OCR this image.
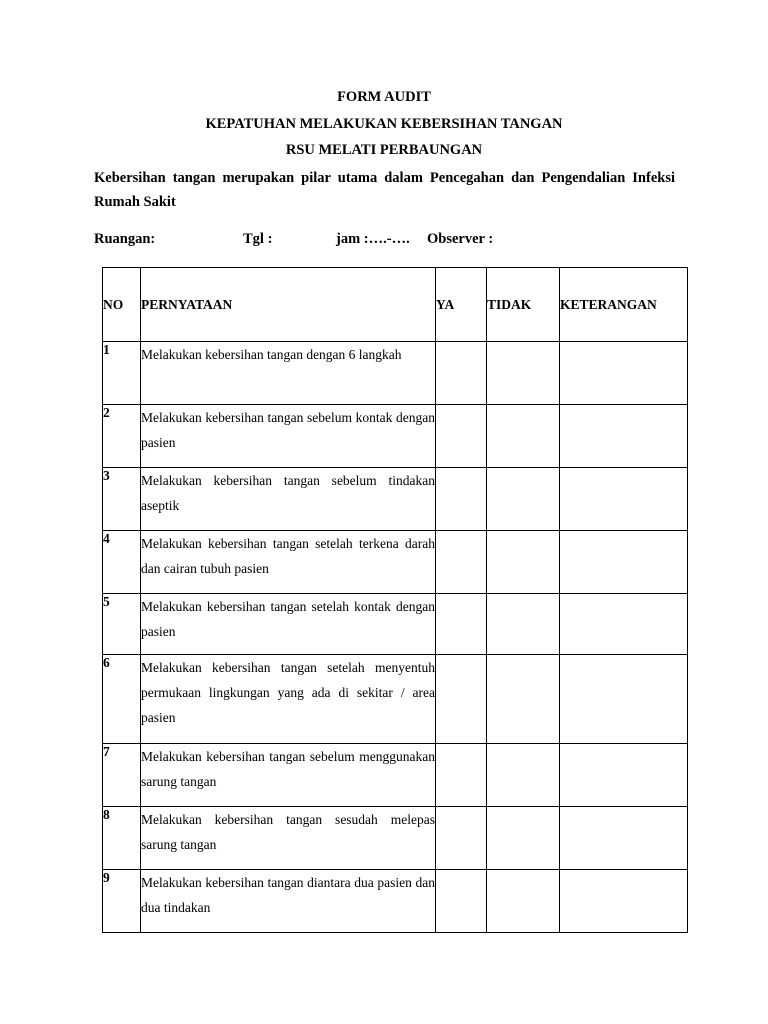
FORM AUDIT
KEPATUHAN MELAKUKAN KEBERSIHAN TANGAN
RSU MELATI PERBAUNGAN
Kebersihan tangan merupakan pilar utama dalam Pencegahan dan Pengendalian Infeksi Rumah Sakit
Ruangan:	Tgl :	jam :….-…. Observer :
NO	PERNYATAAN	YA	TIDAK	KETERANGAN
1	Melakukan kebersihan tangan dengan 6 langkah			
2	Melakukan kebersihan tangan sebelum kontak dengan pasien			
3	Melakukan kebersihan tangan sebelum tindakan aseptik			
4	Melakukan kebersihan tangan setelah terkena darah dan cairan tubuh pasien			
5	Melakukan kebersihan tangan setelah kontak dengan pasien			
6	Melakukan kebersihan tangan setelah menyentuh permukaan lingkungan yang ada di sekitar / area pasien			
7	Melakukan kebersihan tangan sebelum menggunakan sarung tangan			
8	Melakukan kebersihan tangan sesudah melepas sarung tangan			
9	Melakukan kebersihan tangan diantara dua pasien dan dua tindakan			
